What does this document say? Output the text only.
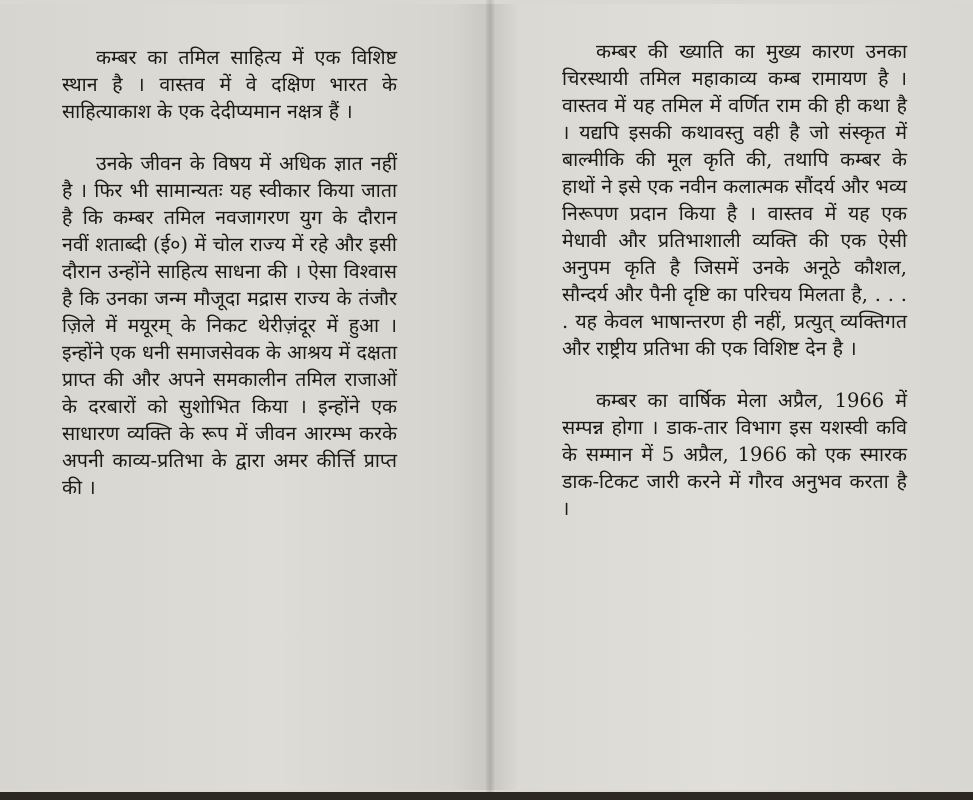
कम्बर का तमिल साहित्य में एक विशिष्ट स्थान है । वास्तव में वे दक्षिण भारत के साहित्याकाश के एक देदीप्यमान नक्षत्र हैं ।

उनके जीवन के विषय में अधिक ज्ञात नहीं है । फिर भी सामान्यतः यह स्वीकार किया जाता है कि कम्बर तमिल नवजागरण युग के दौरान नवीं शताब्दी (ई०) में चोल राज्य में रहे और इसी दौरान उन्होंने साहित्य साधना की । ऐसा विश्वास है कि उनका जन्म मौजूदा मद्रास राज्य के तंजौर ज़िले में मयूरम् के निकट थेरीज़ंदूर में हुआ । इन्होंने एक धनी समाजसेवक के आश्रय में दक्षता प्राप्त की और अपने समकालीन तमिल राजाओं के दरबारों को सुशोभित किया । इन्होंने एक साधारण व्यक्ति के रूप में जीवन आरम्भ करके अपनी काव्य-प्रतिभा के द्वारा अमर कीर्त्ति प्राप्त की ।

कम्बर की ख्याति का मुख्य कारण उनका चिरस्थायी तमिल महाकाव्य कम्ब रामायण है । वास्तव में यह तमिल में वर्णित राम की ही कथा है । यद्यपि इसकी कथावस्तु वही है जो संस्कृत में बाल्मीकि की मूल कृति की, तथापि कम्बर के हाथों ने इसे एक नवीन कलात्मक सौंदर्य और भव्य निरूपण प्रदान किया है । वास्तव में यह एक मेधावी और प्रतिभाशाली व्यक्ति की एक ऐसी अनुपम कृति है जिसमें उनके अनूठे कौशल, सौन्दर्य और पैनी दृष्टि का परिचय मिलता है, . . . . यह केवल भाषान्तरण ही नहीं, प्रत्युत् व्यक्तिगत और राष्ट्रीय प्रतिभा की एक विशिष्ट देन है ।

कम्बर का वार्षिक मेला अप्रैल, 1966 में सम्पन्न होगा । डाक-तार विभाग इस यशस्वी कवि के सम्मान में 5 अप्रैल, 1966 को एक स्मारक डाक-टिकट जारी करने में गौरव अनुभव करता है ।
